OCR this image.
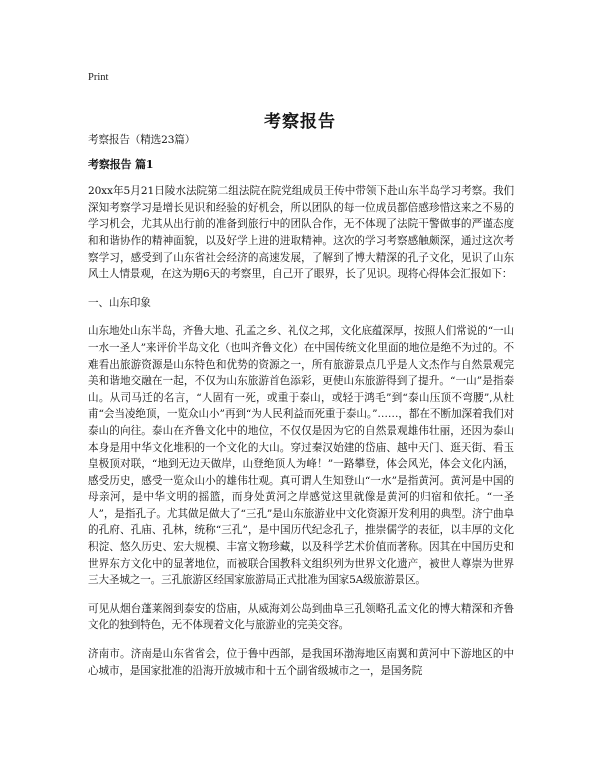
Print
考察报告

考察报告（精选23篇）

考察报告 篇1

20xx年5月21日陵水法院第二组法院在院党组成员王传中带领下赴山东半岛学习考察。我们深知考察学习是增长见识和经验的好机会，所以团队的每一位成员都倍感珍惜这来之不易的学习机会，尤其从出行前的准备到旅行中的团队合作，无不体现了法院干警做事的严谨态度和和谐协作的精神面貌，以及好学上进的进取精神。这次的学习考察感触颇深，通过这次考察学习，感受到了山东省社会经济的高速发展，了解到了博大精深的孔子文化，见识了山东风土人情景观，在这为期6天的考察里，自己开了眼界，长了见识。现将心得体会汇报如下：

一、山东印象

山东地处山东半岛，齐鲁大地、孔孟之乡、礼仪之邦，文化底蕴深厚，按照人们常说的“一山一水一圣人”来评价半岛文化（也叫齐鲁文化）在中国传统文化里面的地位是绝不为过的。不难看出旅游资源是山东特色和优势的资源之一，所有旅游景点几乎是人文杰作与自然景观完美和谐地交融在一起，不仅为山东旅游首色添彩，更使山东旅游得到了提升。“一山”是指泰山。从司马迁的名言，“人固有一死，或重于泰山，或轻于鸿毛”到“泰山压顶不弯腰”,从杜甫“会当凌绝顶，一览众山小”再到“为人民利益而死重于泰山。”……，都在不断加深着我们对泰山的向往。泰山在齐鲁文化中的地位，不仅仅是因为它的自然景观雄伟壮丽，还因为泰山本身是用中华文化堆积的一个文化的大山。穿过秦汉始建的岱庙、越中天门、逛天街、看玉皇极顶对联，“地到无边天做岸，山登绝顶人为峰！”一路攀登，体会风光，体会文化内涵，感受历史，感受一览众山小的雄伟壮观。真可谓人生知登山“一水”是指黄河。黄河是中国的母亲河，是中华文明的摇篮，而身处黄河之岸感觉这里就像是黄河的归宿和依托。“一圣人”，是指孔子。尤其做足做大了“三孔”是山东旅游业中文化资源开发利用的典型。济宁曲阜的孔府、孔庙、孔林，统称“三孔”，是中国历代纪念孔子，推崇儒学的表征，以丰厚的文化积淀、悠久历史、宏大规模、丰富文物珍藏，以及科学艺术价值而著称。因其在中国历史和世界东方文化中的显著地位，而被联合国教科文组织列为世界文化遗产，被世人尊崇为世界三大圣城之一。三孔旅游区经国家旅游局正式批准为国家5A级旅游景区。

可见从烟台蓬莱阁到泰安的岱庙，从威海刘公岛到曲阜三孔领略孔孟文化的博大精深和齐鲁文化的独到特色，无不体现着文化与旅游业的完美交容。

济南市。济南是山东省省会，位于鲁中西部，是我国环渤海地区南翼和黄河中下游地区的中心城市，是国家批准的沿海开放城市和十五个副省级城市之一，是国务院
